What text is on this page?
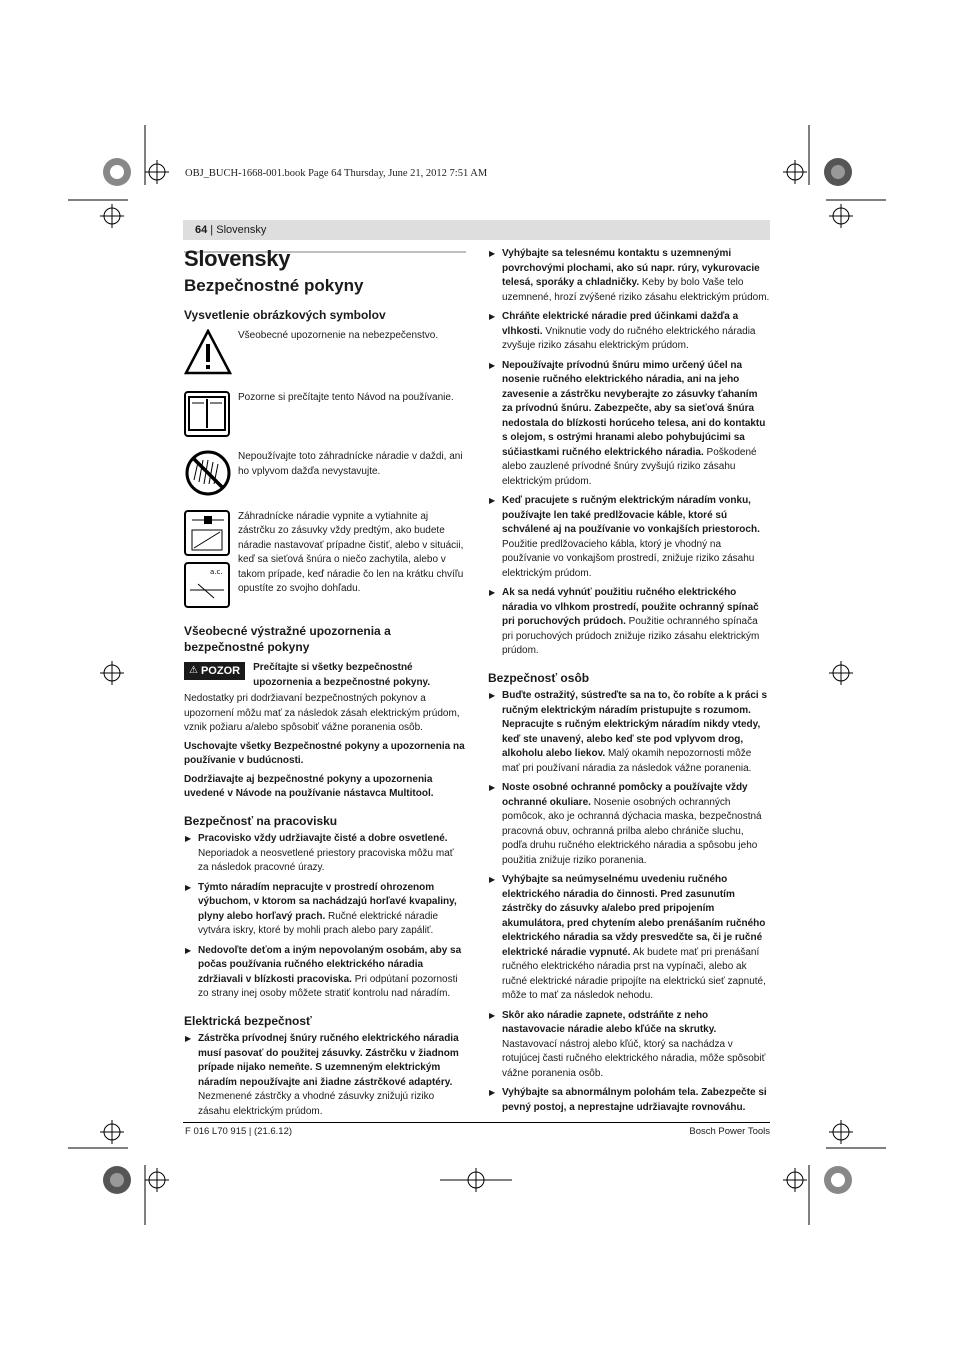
OBJ_BUCH-1668-001.book Page 64 Thursday, June 21, 2012 7:51 AM
64 | Slovensky
Slovensky
Bezpečnostné pokyny
Vysvetlenie obrázkových symbolov
Všeobecné upozornenie na nebezpečenstvo.
Pozorne si prečítajte tento Návod na používanie.
Nepoužívajte toto záhradnícke náradie v daždi, ani ho vplyvom dažďa nevystavujte.
a.c.
Záhradnícke náradie vypnite a vytiahnite aj zástrčku zo zásuvky vždy predtým, ako budete náradie nastavovať prípadne čistiť, alebo v situácii, keď sa sieťová šnúra o niečo zachytila, alebo v takom prípade, keď náradie čo len na krátku chvíľu opustíte zo svojho dohľadu.
Všeobecné výstražné upozornenia a bezpečnostné pokyny
⚠ POZOR Prečítajte si všetky bezpečnostné upozornenia a bezpečnostné pokyny.

Nedostatky pri dodržiavaní bezpečnostných pokynov a upozornení môžu mať za následok zásah elektrickým prúdom, vznik požiaru a/alebo spôsobiť vážne poranenia osôb.

Uschovajte všetky Bezpečnostné pokyny a upozornenia na používanie v budúcnosti.

Dodržiavajte aj bezpečnostné pokyny a upozornenia uvedené v Návode na používanie nástavca Multitool.

Bezpečnosť na pracovisku
▶ Pracovisko vždy udržiavajte čisté a dobre osvetlené. Neporiadok a neosvetlené priestory pracoviska môžu mať za následok pracovné úrazy.
▶ Týmto náradím nepracujte v prostredí ohrozenom výbuchom, v ktorom sa nachádzajú horľavé kvapaliny, plyny alebo horľavý prach. Ručné elektrické náradie vytvára iskry, ktoré by mohli prach alebo pary zapáliť.
▶ Nedovoľte deťom a iným nepovolaným osobám, aby sa počas používania ručného elektrického náradia zdržiavali v blízkosti pracoviska. Pri odpútaní pozornosti zo strany inej osoby môžete stratiť kontrolu nad náradím.
Elektrická bezpečnosť
▶ Zástrčka prívodnej šnúry ručného elektrického náradia musí pasovať do použitej zásuvky. Zástrčku v žiadnom prípade nijako nemeňte. S uzemneným elektrickým náradím nepoužívajte ani žiadne zástrčkové adaptéry. Nezmenené zástrčky a vhodné zásuvky znižujú riziko zásahu elektrickým prúdom.
▶ Vyhýbajte sa telesnému kontaktu s uzemnenými povrchovými plochami, ako sú napr. rúry, vykurovacie telesá, sporáky a chladničky. Keby by bolo Vaše telo uzemnené, hrozí zvýšené riziko zásahu elektrickým prúdom.
▶ Chráňte elektrické náradie pred účinkami dažďa a vlhkosti. Vniknutie vody do ručného elektrického náradia zvyšuje riziko zásahu elektrickým prúdom.
▶ Nepoužívajte prívodnú šnúru mimo určený účel na nosenie ručného elektrického náradia, ani na jeho zavesenie a zástrčku nevyberajte zo zásuvky ťahaním za prívodnú šnúru. Zabezpečte, aby sa sieťová šnúra nedostala do blízkosti horúceho telesa, ani do kontaktu s olejom, s ostrými hranami alebo pohybujúcimi sa súčiastkami ručného elektrického náradia. Poškodené alebo zauzlené prívodné šnúry zvyšujú riziko zásahu elektrickým prúdom.
▶ Keď pracujete s ručným elektrickým náradím vonku, používajte len také predlžovacie káble, ktoré sú schválené aj na používanie vo vonkajších priestoroch. Použitie predlžovacieho kábla, ktorý je vhodný na používanie vo vonkajšom prostredí, znižuje riziko zásahu elektrickým prúdom.
▶ Ak sa nedá vyhnúť použitiu ručného elektrického náradia vo vlhkom prostredí, použite ochranný spínač pri poruchových prúdoch. Použitie ochranného spínača pri poruchových prúdoch znižuje riziko zásahu elektrickým prúdom.
Bezpečnosť osôb
▶ Buďte ostražitý, sústreďte sa na to, čo robíte a k práci s ručným elektrickým náradím pristupujte s rozumom. Nepracujte s ručným elektrickým náradím nikdy vtedy, keď ste unavený, alebo keď ste pod vplyvom drog, alkoholu alebo liekov. Malý okamih nepozornosti môže mať pri používaní náradia za následok vážne poranenia.
▶ Noste osobné ochranné pomôcky a používajte vždy ochranné okuliare. Nosenie osobných ochranných pomôcok, ako je ochranná dýchacia maska, bezpečnostná pracovná obuv, ochranná prilba alebo chrániče sluchu, podľa druhu ručného elektrického náradia a spôsobu jeho použitia znižuje riziko poranenia.
▶ Vyhýbajte sa neúmyselnému uvedeniu ručného elektrického náradia do činnosti. Pred zasunutím zástrčky do zásuvky a/alebo pred pripojením akumulátora, pred chytením alebo prenášaním ručného elektrického náradia sa vždy presvedčte sa, či je ručné elektrické náradie vypnuté. Ak budete mať pri prenášaní ručného elektrického náradia prst na vypínači, alebo ak ručné elektrické náradie pripojíte na elektrickú sieť zapnuté, môže to mať za následok nehodu.
▶ Skôr ako náradie zapnete, odstráňte z neho nastavovacie náradie alebo kľúče na skrutky. Nastavovací nástroj alebo kľúč, ktorý sa nachádza v rotujúcej časti ručného elektrického náradia, môže spôsobiť vážne poranenia osôb.
▶ Vyhýbajte sa abnormálnym polohám tela. Zabezpečte si pevný postoj, a neprestajne udržiavajte rovnováhu.
F 016 L70 915 | (21.6.12)	Bosch Power Tools
